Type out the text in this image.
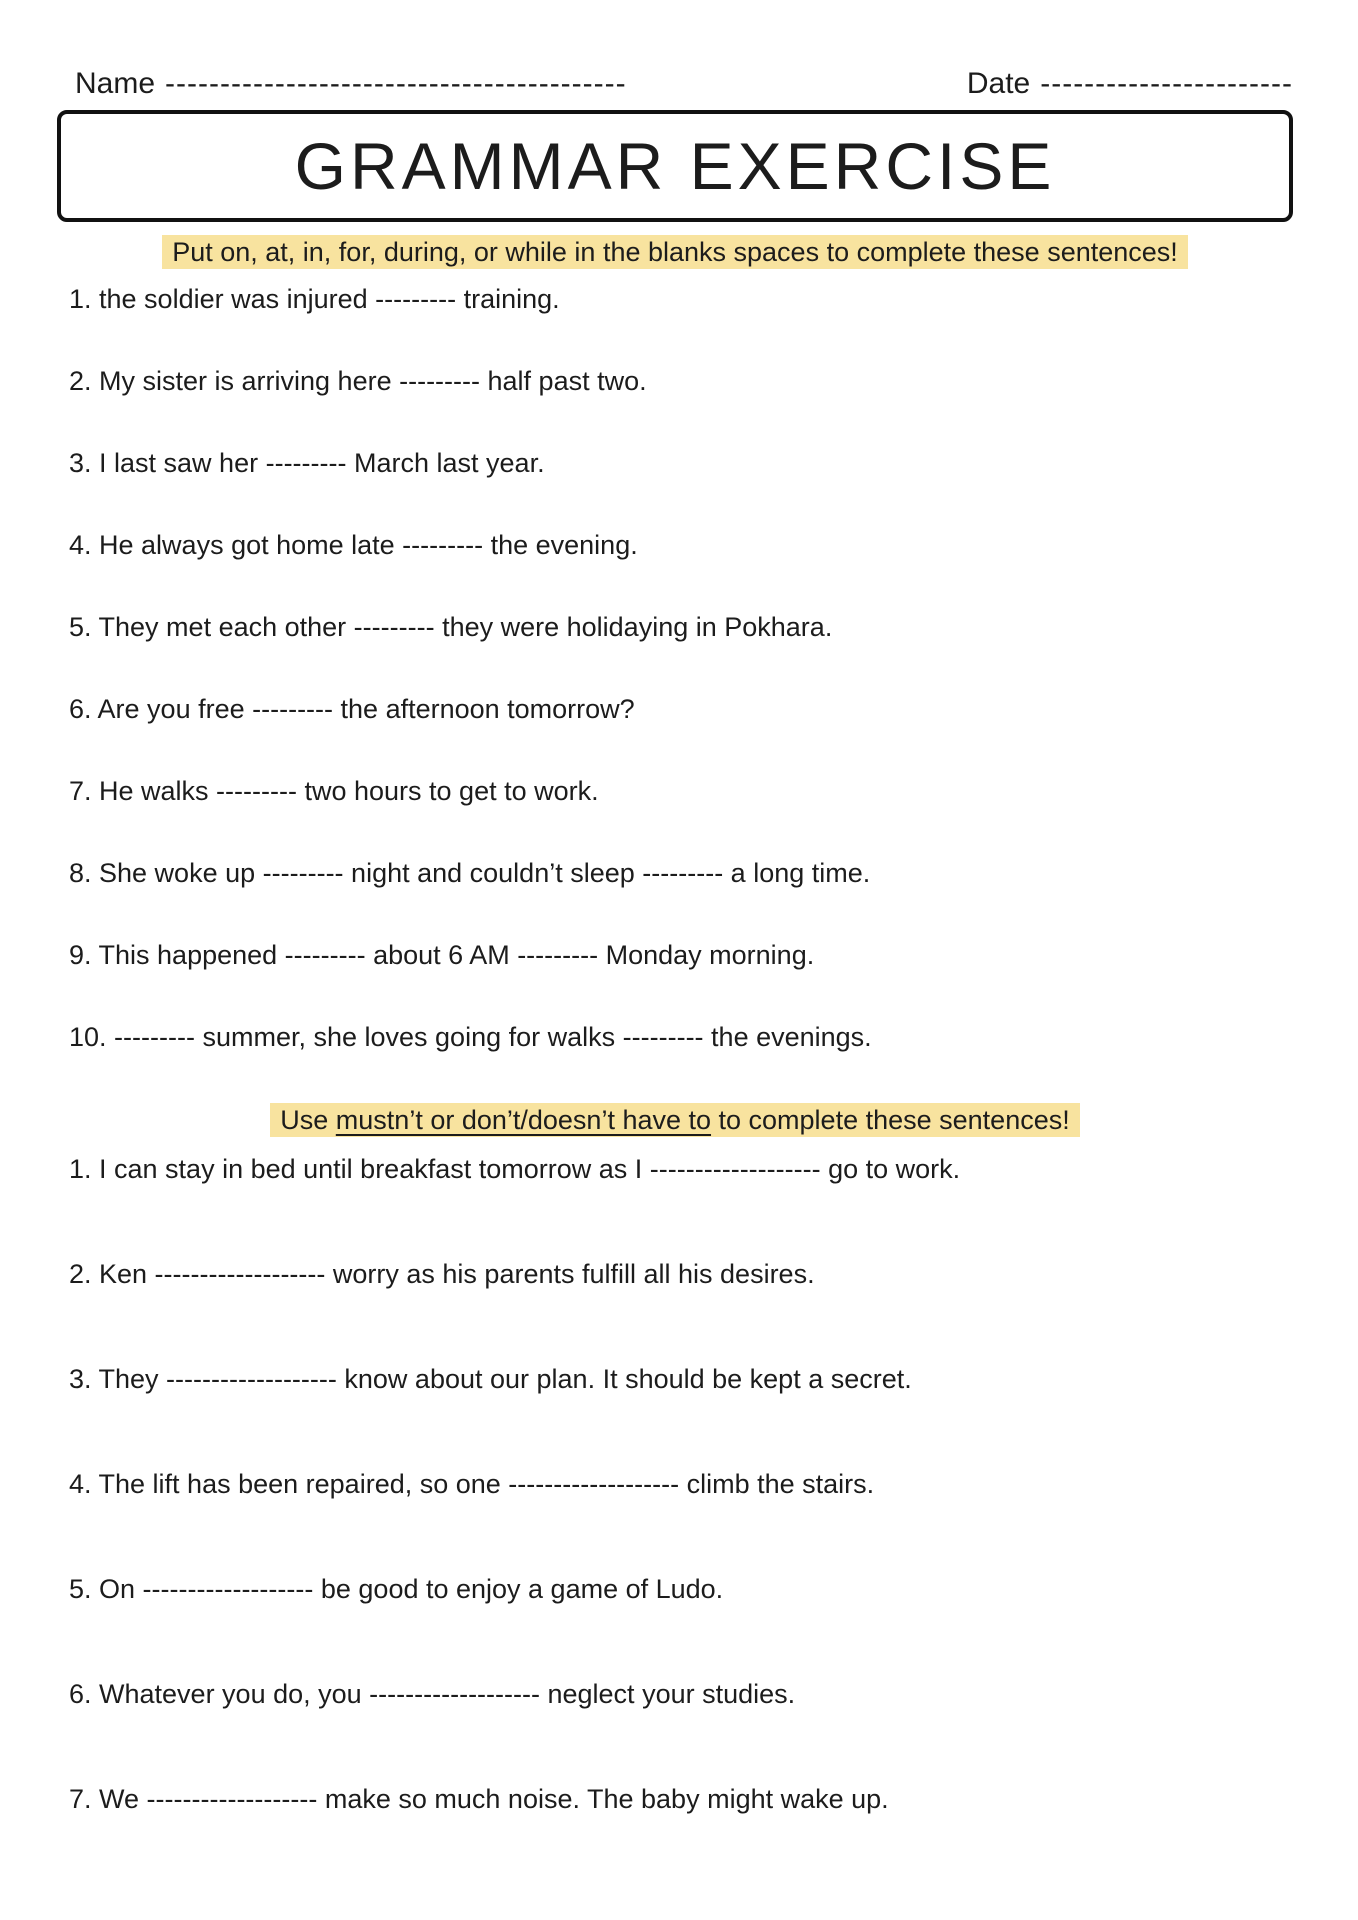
Name ------------------------------------------	Date -----------------------
GRAMMAR EXERCISE
Put on, at, in, for, during, or while in the blanks spaces to complete these sentences!
1. the soldier was injured --------- training.
2. My sister is arriving here --------- half past two.
3. I last saw her --------- March last year.
4. He always got home late --------- the evening.
5. They met each other --------- they were holidaying in Pokhara.
6. Are you free --------- the afternoon tomorrow?
7. He walks --------- two hours to get to work.
8. She woke up --------- night and couldn’t sleep --------- a long time.
9. This happened --------- about 6 AM --------- Monday morning.
10. --------- summer, she loves going for walks --------- the evenings.
Use mustn’t or don’t/doesn’t have to to complete these sentences!
1. I can stay in bed until breakfast tomorrow as I ------------------- go to work.
2. Ken ------------------- worry as his parents fulfill all his desires.
3. They ------------------- know about our plan. It should be kept a secret.
4. The lift has been repaired, so one ------------------- climb the stairs.
5. On ------------------- be good to enjoy a game of Ludo.
6. Whatever you do, you ------------------- neglect your studies.
7. We ------------------- make so much noise. The baby might wake up.
